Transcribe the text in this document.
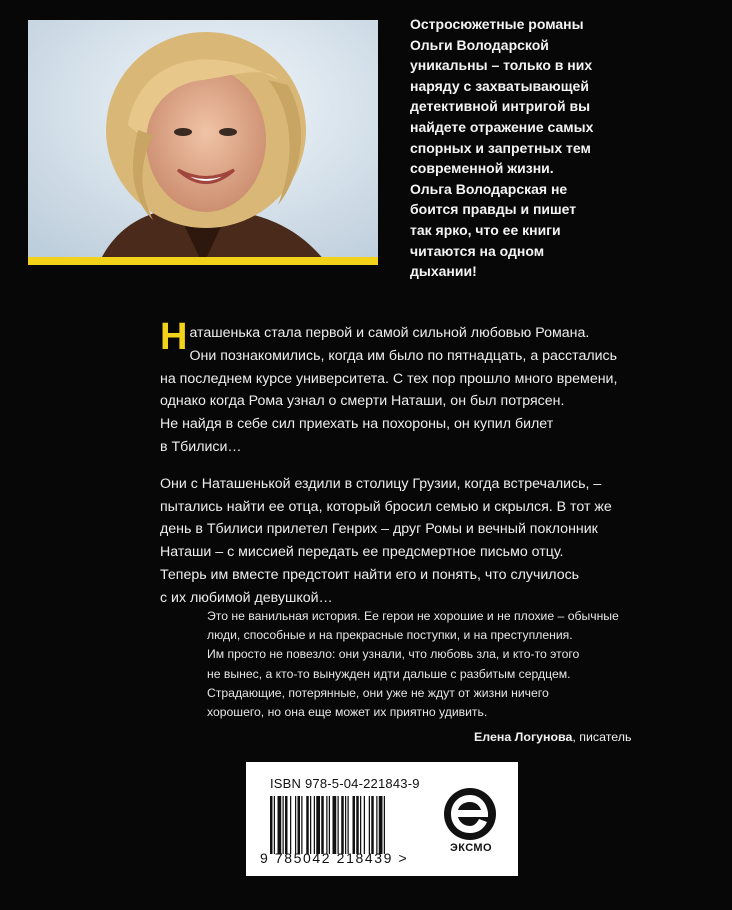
Остросюжетные романы
Ольги Володарской
уникальны – только в них
наряду с захватывающей
детективной интригой вы
найдете отражение самых
спорных и запретных тем
современной жизни.
Ольга Володарская не
боится правды и пишет
так ярко, что ее книги
читаются на одном
дыхании!
Наташенька стала первой и самой сильной любовью Романа.
Они познакомились, когда им было по пятнадцать, а расстались
на последнем курсе университета. С тех пор прошло много времени,
однако когда Рома узнал о смерти Наташи, он был потрясен.
Не найдя в себе сил приехать на похороны, он купил билет
в Тбилиси…
Они с Наташенькой ездили в столицу Грузии, когда встречались, –
пытались найти ее отца, который бросил семью и скрылся. В тот же
день в Тбилиси прилетел Генрих – друг Ромы и вечный поклонник
Наташи – с миссией передать ее предсмертное письмо отцу.
Теперь им вместе предстоит найти его и понять, что случилось
с их любимой девушкой…
Это не ванильная история. Ее герои не хорошие и не плохие – обычные
люди, способные и на прекрасные поступки, и на преступления.
Им просто не повезло: они узнали, что любовь зла, и кто-то этого
не вынес, а кто-то вынужден идти дальше с разбитым сердцем.
Страдающие, потерянные, они уже не ждут от жизни ничего
хорошего, но она еще может их приятно удивить.
Елена Логунова, писатель
ISBN 978-5-04-221843-9
9 785042 218439 >
ЭКСМО
